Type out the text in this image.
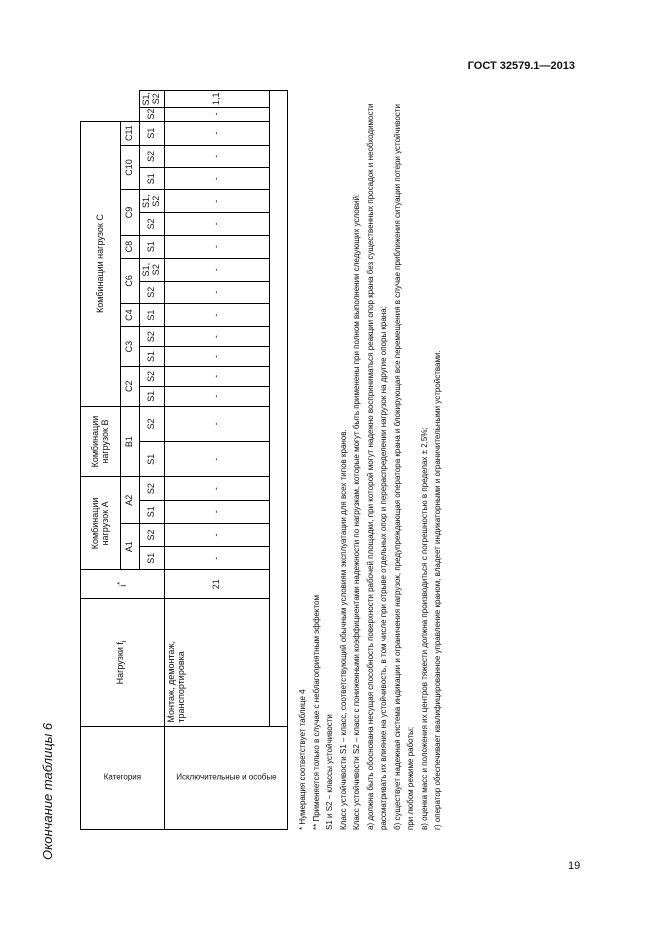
ГОСТ 32579.1—2013
Окончание таблицы 6
19
Категория	Нагрузки $f_i$	i*	Комбинации нагрузок А				Комбинации нагрузок В		Комбинации нагрузок С														
			А1		А2		В1		С2		С3		С4	С6		С8	С9		С10		С11		
			S1	S2	S1	S2	S1	S2	S1	S2	S1	S2	S1	S2	S1, S2	S1	S2	S1, S2	S1	S2	S1	S2	S1, S2

Исключительные и особые	Монтаж, демонтаж, транспортировка	21	-	-	-	-	-	-	-	-	-	-	-	-	-	-	-	-	-	-	-	-	1,1

* Нумерация соответствует таблице 4 ** Применяется только в случае с неблагоприятным эффектом S1 и S2 – классы устойчивости Класс устойчивости S1 – класс, соответствующий обычным условиям эксплуатации для всех типов кранов. Класс устойчивости S2 – класс с пониженными коэффициентами надежности по нагрузкам, которые могут быть применены при полном выполнении следующих условий: а) должна быть обоснована несущая способность поверхности рабочей площадки, при которой могут надежно восприниматься реакции опор крана без существенных просадок и необходимости рассматривать их влияние на устойчивость, в том числе при отрыве отдельных опор и перераспределении нагрузок на другие опоры крана; б) существует надежная система индикации и ограничения нагрузок, предупреждающая оператора крана и блокирующая все перемещения в случае приближения ситуации потери устойчивости при любом режиме работы; в) оценка масс и положения их центров тяжести должна производиться с погрешностью в пределах ± 2,5%; г) оператор обеспечивает квалифицированное управление краном, владеет индикаторными и ограничительными устройствами.
